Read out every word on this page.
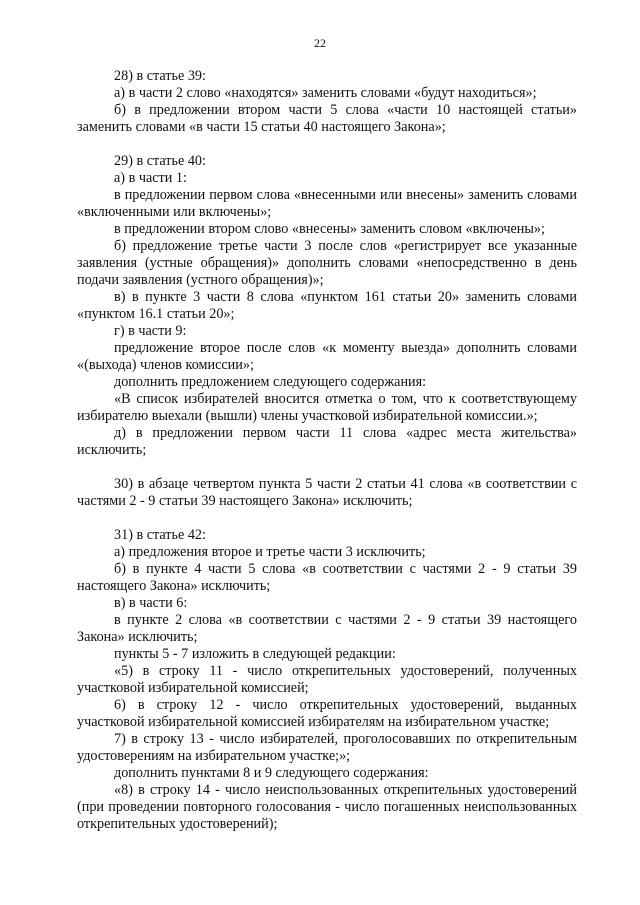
22

28) в статье 39:

а) в части 2 слово «находятся» заменить словами «будут находиться»;

б) в предложении втором части 5 слова «части 10 настоящей статьи» заменить словами «в части 15 статьи 40 настоящего Закона»;

29) в статье 40:

а) в части 1:

в предложении первом слова «внесенными или внесены» заменить словами «включенными или включены»;

в предложении втором слово «внесены» заменить словом «включены»;

б) предложение третье части 3 после слов «регистрирует все указанные заявления (устные обращения)» дополнить словами «непосредственно в день подачи заявления (устного обращения)»;

в) в пункте 3 части 8 слова «пунктом 161 статьи 20» заменить словами «пунктом 16.1 статьи 20»;

г) в части 9:

предложение второе после слов «к моменту выезда» дополнить словами «(выхода) членов комиссии»;

дополнить предложением следующего содержания:

«В список избирателей вносится отметка о том, что к соответствующему избирателю выехали (вышли) члены участковой избирательной комиссии.»;

д) в предложении первом части 11 слова «адрес места жительства» исключить;

30) в абзаце четвертом пункта 5 части 2 статьи 41 слова «в соответствии с частями 2 - 9 статьи 39 настоящего Закона» исключить;

31) в статье 42:

а) предложения второе и третье части 3 исключить;

б) в пункте 4 части 5 слова «в соответствии с частями 2 - 9 статьи 39 настоящего Закона» исключить;

в) в части 6:

в пункте 2 слова «в соответствии с частями 2 - 9 статьи 39 настоящего Закона» исключить;

пункты 5 - 7 изложить в следующей редакции:

«5) в строку 11 - число открепительных удостоверений, полученных участковой избирательной комиссией;

6) в строку 12 - число открепительных удостоверений, выданных участковой избирательной комиссией избирателям на избирательном участке;

7) в строку 13 - число избирателей, проголосовавших по открепительным удостоверениям на избирательном участке;»;

дополнить пунктами 8 и 9 следующего содержания:

«8) в строку 14 - число неиспользованных открепительных удостоверений (при проведении повторного голосования - число погашенных неиспользованных открепительных удостоверений);
